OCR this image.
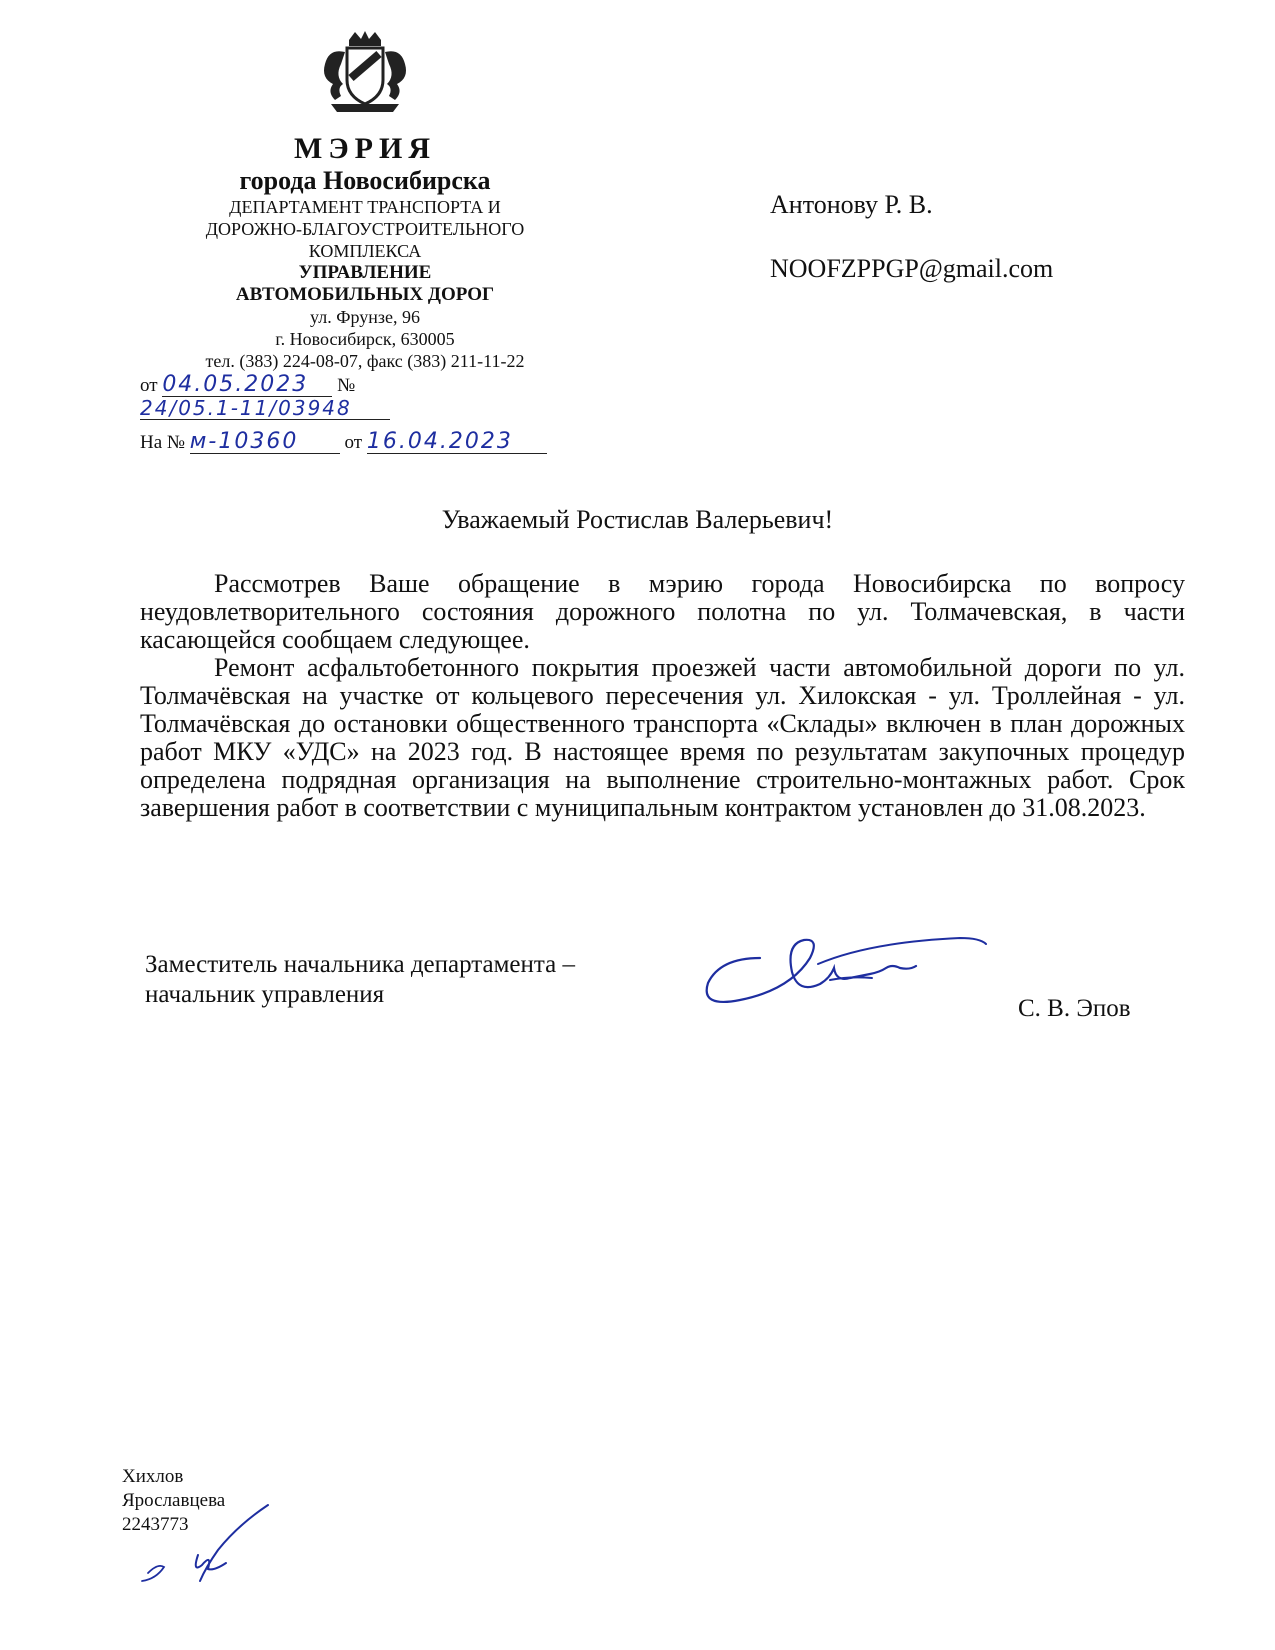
МЭРИЯ
города Новосибирска
ДЕПАРТАМЕНТ ТРАНСПОРТА И
ДОРОЖНО-БЛАГОУСТРОИТЕЛЬНОГО
КОМПЛЕКСА
УПРАВЛЕНИЕ
АВТОМОБИЛЬНЫХ ДОРОГ
ул. Фрунзе, 96
г. Новосибирск, 630005
тел. (383) 224-08-07, факс (383) 211-11-22
от 04.05.2023 № 24/05.1-11/03948
На № м-10360 от 16.04.2023
Антонову Р. В.
NOOFZPPGP@gmail.com
Уважаемый Ростислав Валерьевич!

Рассмотрев Ваше обращение в мэрию города Новосибирска по вопросу неудовлетворительного состояния дорожного полотна по ул. Толмачевская, в части касающейся сообщаем следующее.

Ремонт асфальтобетонного покрытия проезжей части автомобильной дороги по ул. Толмачёвская на участке от кольцевого пересечения ул. Хилокская - ул. Троллейная - ул. Толмачёвская до остановки общественного транспорта «Склады» включен в план дорожных работ МКУ «УДС» на 2023 год. В настоящее время по результатам закупочных процедур определена подрядная организация на выполнение строительно-монтажных работ. Срок завершения работ в соответствии с муниципальным контрактом установлен до 31.08.2023.

Заместитель начальника департамента –
начальник управления
С. В. Эпов
Хихлов
Ярославцева
2243773
